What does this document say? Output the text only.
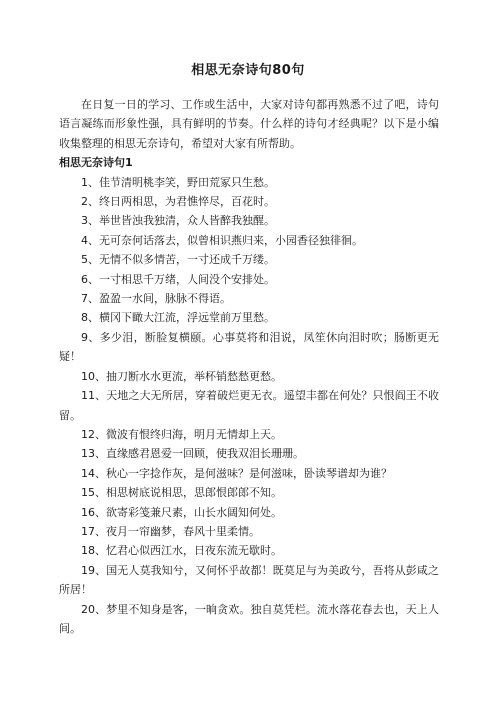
相思无奈诗句80句

在日复一日的学习、工作或生活中，大家对诗句都再熟悉不过了吧，诗句语言凝练而形象性强，具有鲜明的节奏。什么样的诗句才经典呢？以下是小编收集整理的相思无奈诗句，希望对大家有所帮助。

相思无奈诗句1

1、佳节清明桃李笑，野田荒冢只生愁。

2、终日两相思，为君憔悴尽，百花时。

3、举世皆浊我独清，众人皆醉我独醒。

4、无可奈何话落去，似曾相识燕归来，小园香径独徘徊。

5、无情不似多情苦，一寸还成千万缕。

6、一寸相思千万绪，人间没个安排处。

7、盈盈一水间，脉脉不得语。

8、横冈下瞰大江流，浮远堂前万里愁。

9、多少泪，断脸复横颐。心事莫将和泪说，凤笙休向泪时吹；肠断更无疑！

10、抽刀断水水更流，举杯销愁愁更愁。

11、天地之大无所居，穿着破烂更无衣。遥望丰都在何处？只恨阎王不收留。

12、微波有恨终归海，明月无情却上天。

13、直缘感君恩爱一回顾，使我双泪长珊珊。

14、秋心一字捻作灰，是何滋味？是何滋味，卧读琴谱却为谁？

15、相思树底说相思，思郎恨郎郎不知。

16、欲寄彩笺兼尺素，山长水阔知何处。

17、夜月一帘幽梦，春风十里柔情。

18、忆君心似西江水，日夜东流无歇时。

19、国无人莫我知兮，又何怀乎故都！既莫足与为美政兮，吾将从彭咸之所居！

20、梦里不知身是客，一晌贪欢。独自莫凭栏。流水落花春去也，天上人间。
